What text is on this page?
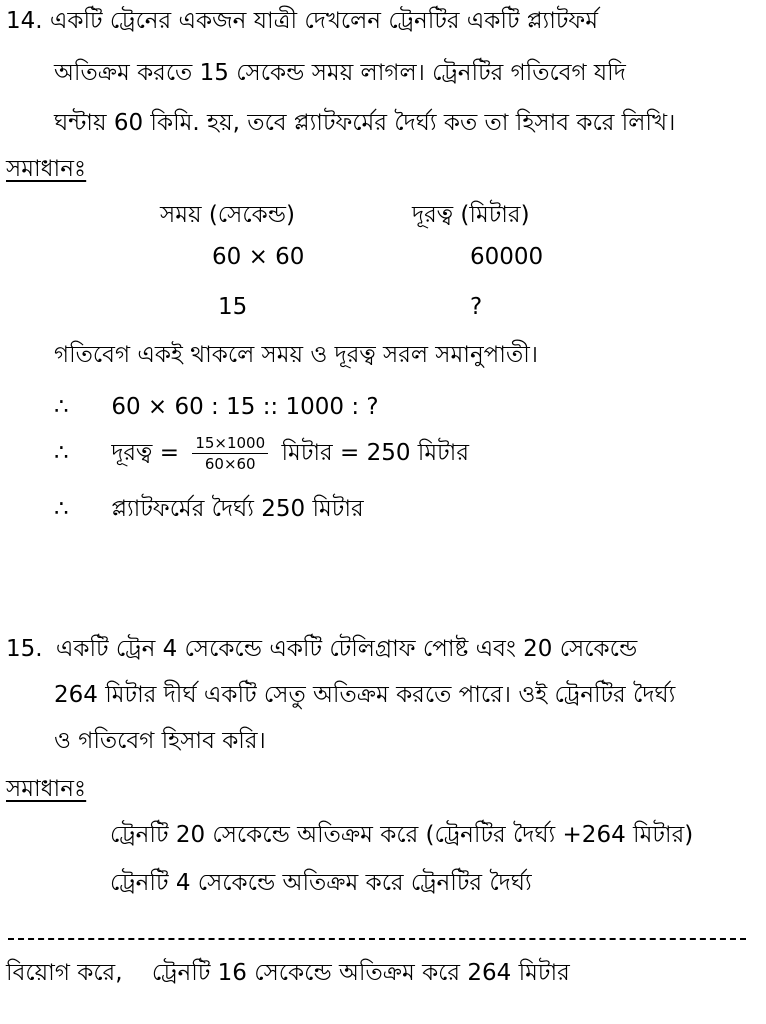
14. একটি ট্রেনের একজন যাত্রী দেখলেন ট্রেনটির একটি প্ল্যাটফর্ম
অতিক্রম করতে 15 সেকেন্ড সময় লাগল। ট্রেনটির গতিবেগ যদি
ঘন্টায় 60 কিমি. হয়, তবে প্ল্যাটফর্মের দৈর্ঘ্য কত তা হিসাব করে লিখি।
সমাধানঃ
সময় (সেকেন্ড)	দূরত্ব (মিটার)
60 × 60	60000
15	?
গতিবেগ একই থাকলে সময় ও দূরত্ব সরল সমানুপাতী।
∴ 60 × 60 : 15 :: 1000 : ?
∴ দূরত্ব = $\frac{15\times 1000}{60\times 60}$ মিটার = 250 মিটার
∴ প্ল্যাটফর্মের দৈর্ঘ্য 250 মিটার
15. একটি ট্রেন 4 সেকেন্ডে একটি টেলিগ্রাফ পোষ্ট এবং 20 সেকেন্ডে
264 মিটার দীর্ঘ একটি সেতু অতিক্রম করতে পারে। ওই ট্রেনটির দৈর্ঘ্য
ও গতিবেগ হিসাব করি।
সমাধানঃ
ট্রেনটি 20 সেকেন্ডে অতিক্রম করে (ট্রেনটির দৈর্ঘ্য +264 মিটার)
ট্রেনটি 4 সেকেন্ডে অতিক্রম করে ট্রেনটির দৈর্ঘ্য
বিয়োগ করে, ট্রেনটি 16 সেকেন্ডে অতিক্রম করে 264 মিটার
